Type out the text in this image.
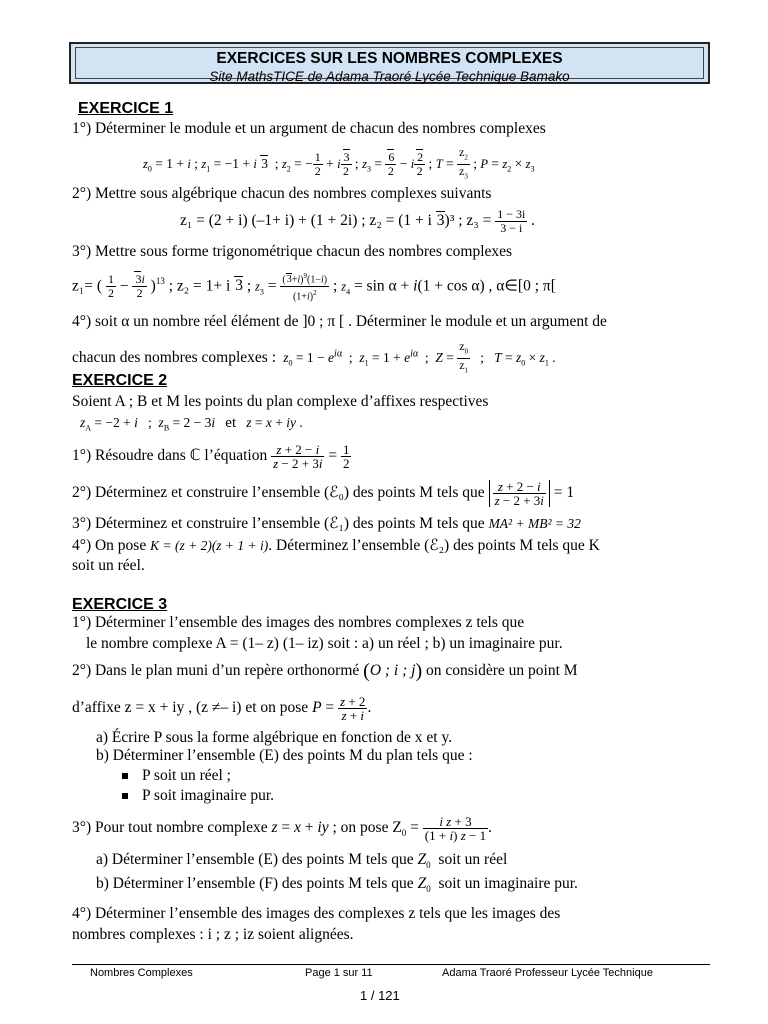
EXERCICES SUR LES NOMBRES COMPLEXES
Site MathsTICE de Adama Traoré Lycée Technique Bamako
EXERCICE 1
1°) Déterminer le module et un argument de chacun des nombres complexes
$z_0 = 1 + i$ ; $z_1 = -1 + i$ 3  ; $z_2$ = − $\frac{1}{2} + i \frac{3}{2}$ ; $z_3 = \frac{6}{2} - i \frac{2}{2}$ ; $T = \frac{z_2}{z_3}$ ; $P = z_2 \times z_3$
2°) Mettre sous algébrique chacun des nombres complexes suivants
z₁ = (2 + i) (–1+ i) + (1 + 2i) ; z₂ = (1 + i 3)³ ; $z_3 = \frac{1 - 3i}{3 - i}$ .
3°) Mettre sous forme trigonométrique chacun des nombres complexes
z₁= ( $\frac{1}{2} - \frac{3i}{2} )^{13}$ ; z₂ = 1+ i 3 ; $z_3 = \frac{(3+i)^9(1-i)}{(1+i)^2}$ ; $z_4 = \sin \alpha + i(1 + \cos \alpha)$ , α∈[0 ; π[
4°) soit α un nombre réel élément de ]0 ; π [ . Déterminer le module et un argument de
chacun des nombres complexes : $z_0 = 1 - e^{i\alpha}$  ;  $z_1 = 1 + e^{i\alpha}$  ;  $Z = \frac{z_0}{z_1}$ ;   $T = z_0 \times z_1$ .
EXERCICE 2
Soient A ; B et M les points du plan complexe d’affixes respectives
$z_A = -2 + i$   ;  $z_B = 2 - 3i$ et z = x + iy .
1°) Résoudre dans ℂ l’équation $\frac{z + 2 - i}{z - 2 + 3i} = \frac{1}{2}$
2°) Déterminez et construire l’ensemble (ℰ₀) des points M tels que $\frac{z + 2 - i}{z - 2 + 3i} = 1$
3°) Déterminez et construire l’ensemble (ℰ₁) des points M tels que MA² + MB² = 32
4°) On pose K = (z + 2)(z + 1 + i). Déterminez l’ensemble (ℰ₂) des points M tels que K
soit un réel.
EXERCICE 3
1°) Déterminer l’ensemble des images des nombres complexes z tels que
le nombre complexe A = (1– z) (1– iz) soit : a) un réel ; b) un imaginaire pur.
2°) Dans le plan muni d’un repère orthonormé (O ; i ; j) on considère un point M
d’affixe z = x + iy , (z ≠– i) et on pose $P = \frac{z + 2}{z + i}$ .
a) Écrire P sous la forme algébrique en fonction de x et y.
b) Déterminer l’ensemble (E) des points M du plan tels que :
P soit un réel ;
P soit imaginaire pur.
3°) Pour tout nombre complexe z = x + iy ; on pose $Z_0 = \frac{\text{i z + 3}}{(1 + i) z - 1}$ .
a) Déterminer l’ensemble (E) des points M tels que $Z_0$ soit un réel
b) Déterminer l’ensemble (F) des points M tels que $Z_0$ soit un imaginaire pur.
4°) Déterminer l’ensemble des images des complexes z tels que les images des
nombres complexes : i ; z ; iz soient alignées.
Nombres Complexes	Page 1 sur 11	Adama Traoré Professeur Lycée Technique
1 / 121
